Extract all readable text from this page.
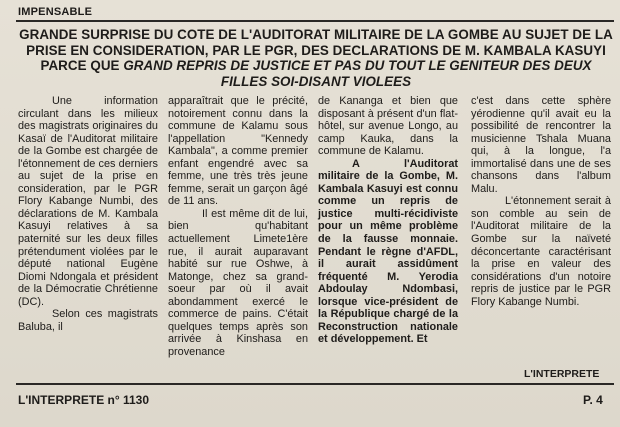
IMPENSABLE
GRANDE SURPRISE DU COTE DE L'AUDITORAT MILITAIRE DE LA GOMBE AU SUJET DE LA PRISE EN CONSIDERATION, PAR LE PGR, DES DECLARATIONS DE M. KAMBALA KASUYI PARCE QUE GRAND REPRIS DE JUSTICE ET PAS DU TOUT LE GENITEUR DES DEUX FILLES SOI-DISANT VIOLEES

Une information circulant dans les milieux des magistrats originaires du Kasaï de l'Auditorat militaire de la Gombe est chargée de l'étonnement de ces derniers au sujet de la prise en consideration, par le PGR Flory Kabange Numbi, des déclarations de M. Kambala Kasuyi relatives à sa paternité sur les deux filles prétendument violées par le député national Eugène Diomi Ndongala et président de la Démocratie Chrétienne (DC).

Selon ces magistrats Baluba, il

apparaîtrait que le précité, notoirement connu dans la commune de Kalamu sous l'appellation "Kennedy Kambala", a comme premier enfant engendré avec sa femme, une très très jeune femme, serait un garçon âgé de 11 ans.

Il est même dit de lui, bien qu'habitant actuellement Limete1ère rue, il aurait auparavant habité sur rue Oshwe, à Matonge, chez sa grand-soeur par où il avait abondamment exercé le commerce de pains. C'était quelques temps après son arrivée à Kinshasa en provenance

de Kananga et bien que disposant à présent d'un flat-hôtel, sur avenue Longo, au camp Kauka, dans la commune de Kalamu.

A l'Auditorat militaire de la Gombe, M. Kambala Kasuyi est connu comme un repris de justice multi-récidiviste pour un même problème de la fausse monnaie. Pendant le règne d'AFDL, il aurait assidûment fréquenté M. Yerodia Abdoulay Ndombasi, lorsque vice-président de la République chargé de la Reconstruction nationale et développement. Et

c'est dans cette sphère yérodienne qu'il avait eu la possibilité de rencontrer la musicienne Tshala Muana qui, à la longue, l'a immortalisé dans une de ses chansons dans l'album Malu.

L'étonnement serait à son comble au sein de l'Auditorat militaire de la Gombe sur la naïveté déconcertante caractérisant la prise en valeur des considérations d'un notoire repris de justice par le PGR Flory Kabange Numbi.

L'INTERPRETE
L'INTERPRETE n° 1130	P. 4
